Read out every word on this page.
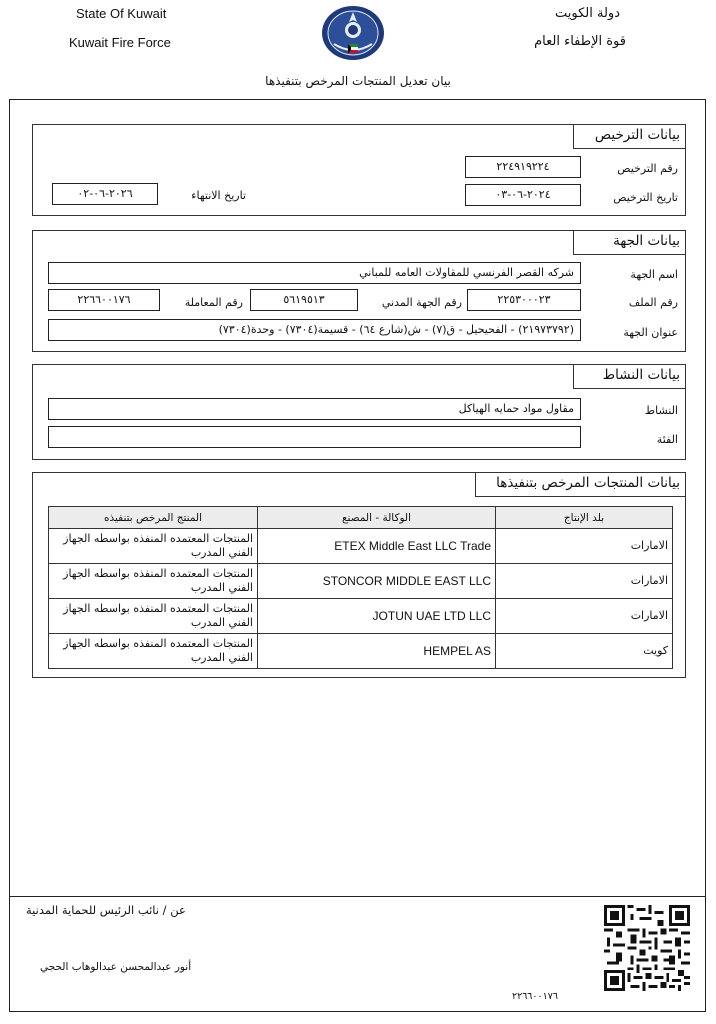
State Of Kuwait
Kuwait Fire Force
دولة الكويت
قوة الإطفاء العام
بيان تعديل المنتجات المرخص بتنفيذها
بيانات الترخيص
رقم الترخيص
٢٢٤٩١٩٢٢٤
تاريخ الترخيص
٢٠٢٤-٠٦-٠٣
تاريخ الانتهاء
٢٠٢٦-٠٦-٠٢
بيانات الجهة
اسم الجهة
شركه القصر الفرنسي للمقاولات العامه للمباني
رقم الملف
٢٢٥٣٠٠٠٢٣
رقم الجهة المدني
٥٦١٩٥١٣
رقم المعاملة
٢٢٦٦٠٠١٧٦
عنوان الجهة
(٢١٩٧٣٧٩٢) - الفحيحيل - ق(٧) - ش(شارع ٦٤) - قسيمة(٧٣٠٤) - وحدة(٧٣٠٤)
بيانات النشاط
النشاط
مقاول مواد حمايه الهياكل
الفئة
بيانات المنتجات المرخص بتنفيذها
بلد الإنتاج	الوكالة - المصنع	المنتج المرخص بتنفيذه
الامارات	ETEX Middle East LLC Trade	المنتجات المعتمده المنفذه بواسطه الجهاز الفني المدرب
الامارات	STONCOR MIDDLE EAST LLC	المنتجات المعتمده المنفذه بواسطه الجهاز الفني المدرب
الامارات	JOTUN UAE LTD LLC	المنتجات المعتمده المنفذه بواسطه الجهاز الفني المدرب
كويت	HEMPEL AS	المنتجات المعتمده المنفذه بواسطه الجهاز الفني المدرب
عن / نائب الرئيس للحماية المدنية
أنور عبدالمحسن عبدالوهاب الحجي
٢٢٦٦٠٠١٧٦
